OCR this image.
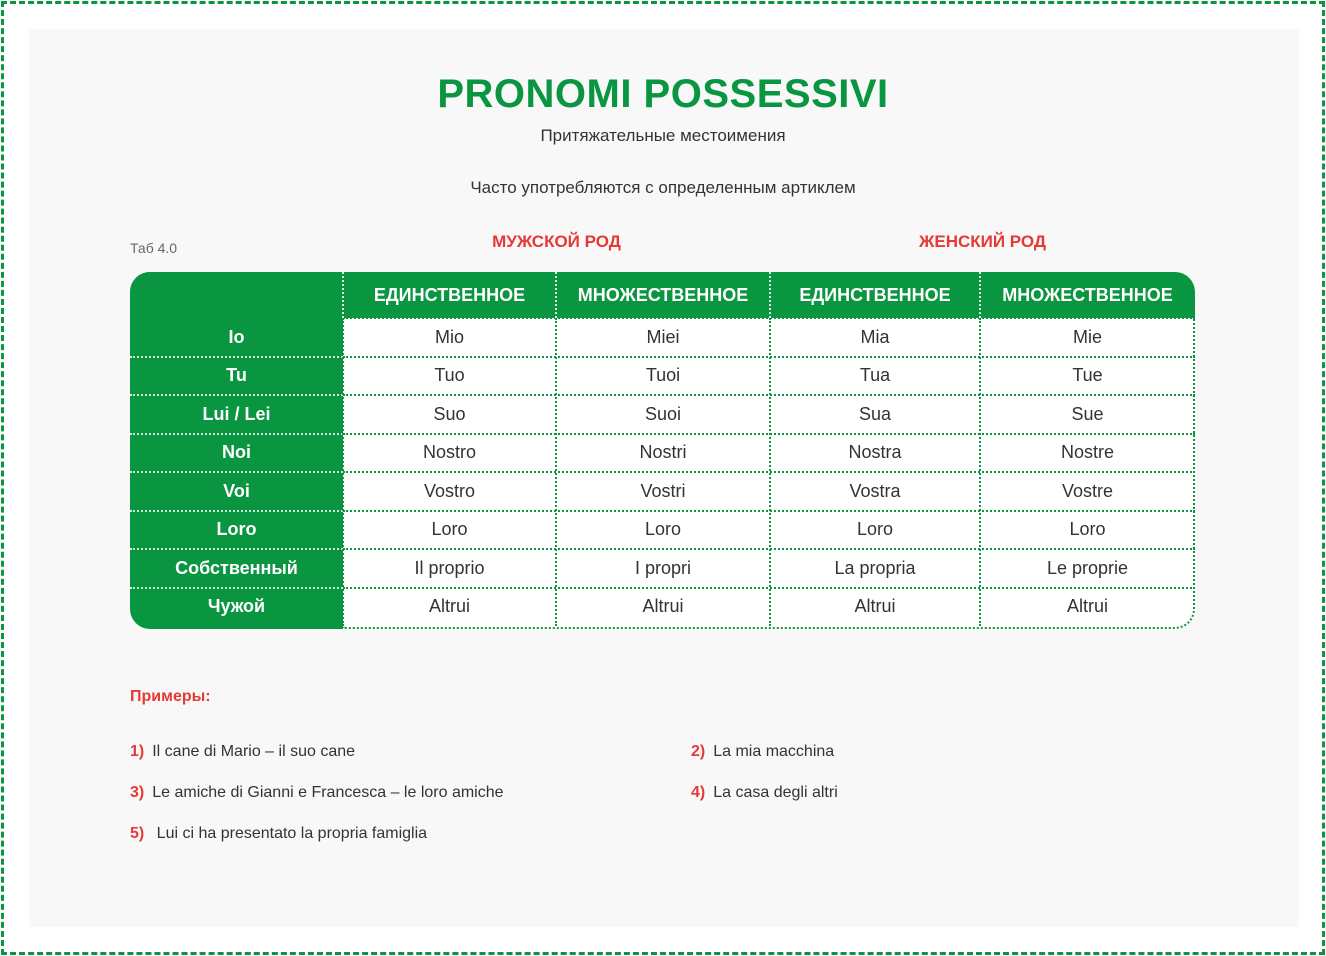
PRONOMI POSSESSIVI
Притяжательные местоимения
Часто употребляются с определенным артиклем
Таб 4.0	МУЖСКОЙ РОД	ЖЕНСКИЙ РОД
ЕДИНСТВЕННОЕ	МНОЖЕСТВЕННОЕ	ЕДИНСТВЕННОЕ	МНОЖЕСТВЕННОЕ
Io	Mio	Miei	Mia	Mie
Tu	Tuo	Tuoi	Tua	Tue
Lui / Lei	Suo	Suoi	Sua	Sue
Noi	Nostro	Nostri	Nostra	Nostre
Voi	Vostro	Vostri	Vostra	Vostre
Loro	Loro	Loro	Loro	Loro
Собственный	Il proprio	I propri	La propria	Le proprie
Чужой	Altrui	Altrui	Altrui	Altrui
Примеры:
1) Il cane di Mario – il suo cane	2) La mia macchina
3) Le amiche di Gianni e Francesca – le loro amiche	4) La casa degli altri
5) Lui ci ha presentato la propria famiglia
